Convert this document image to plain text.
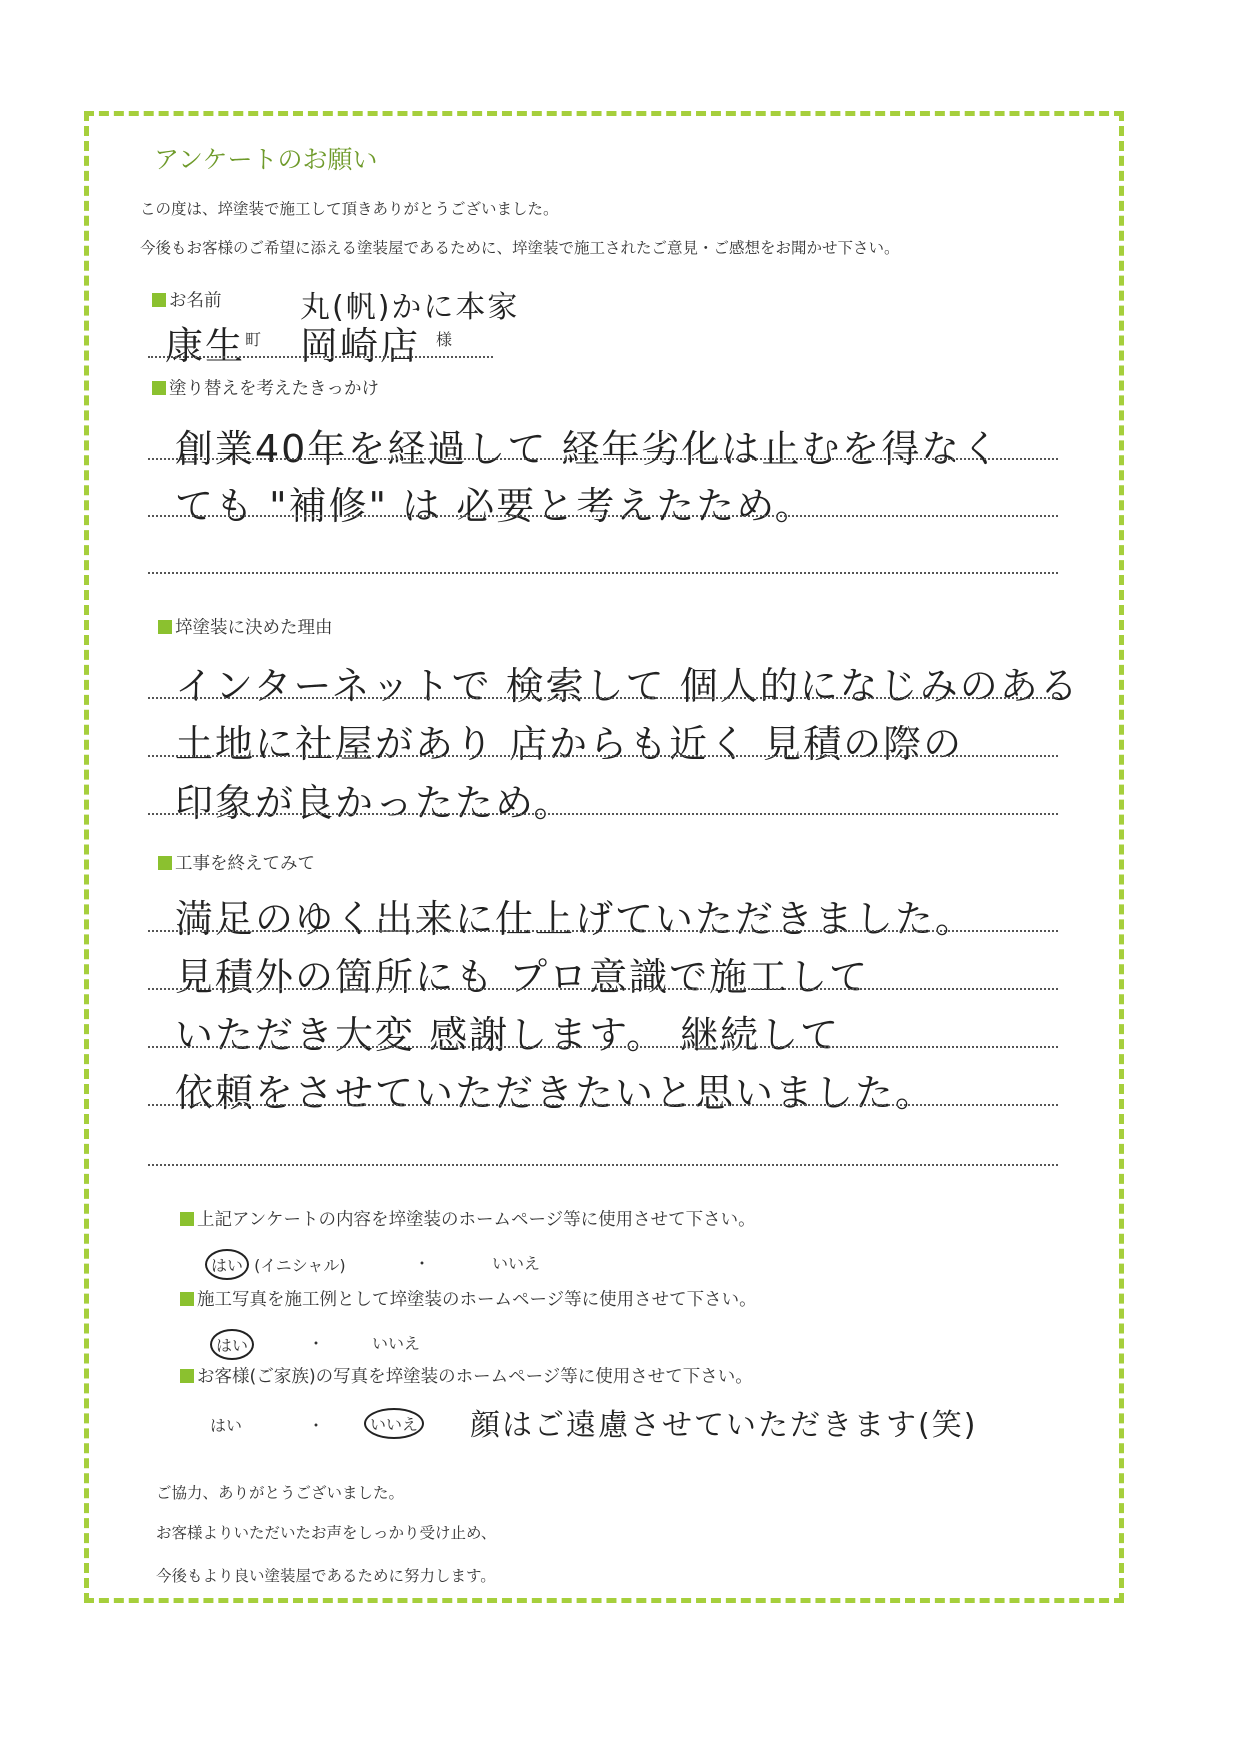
アンケートのお願い
この度は、埣塗装で施工して頂きありがとうございました。
今後もお客様のご希望に添える塗装屋であるために、埣塗装で施工されたご意見・ご感想をお聞かせ下さい。
お名前	丸(帆)かに本家
康生 町 岡崎店 様
塗り替えを考えたきっかけ
創業40年を経過して 経年劣化は止むを得なく
ても "補修" は 必要と考えたため。
埣塗装に決めた理由
インターネットで 検索して 個人的になじみのある
土地に社屋があり 店からも近く 見積の際の
印象が良かったため。
工事を終えてみて
満足のゆく出来に仕上げていただきました。
見積外の箇所にも プロ意識で施工して
いただき大変 感謝します。 継続して
依頼をさせていただきたいと思いました。
上記アンケートの内容を埣塗装のホームページ等に使用させて下さい。
はい (イニシャル)	・	いいえ
施工写真を施工例として埣塗装のホームページ等に使用させて下さい。
はい	・	いいえ
お客様(ご家族)の写真を埣塗装のホームページ等に使用させて下さい。
はい	・	いいえ 顔はご遠慮させていただきます(笑)
ご協力、ありがとうございました。
お客様よりいただいたお声をしっかり受け止め、
今後もより良い塗装屋であるために努力します。
